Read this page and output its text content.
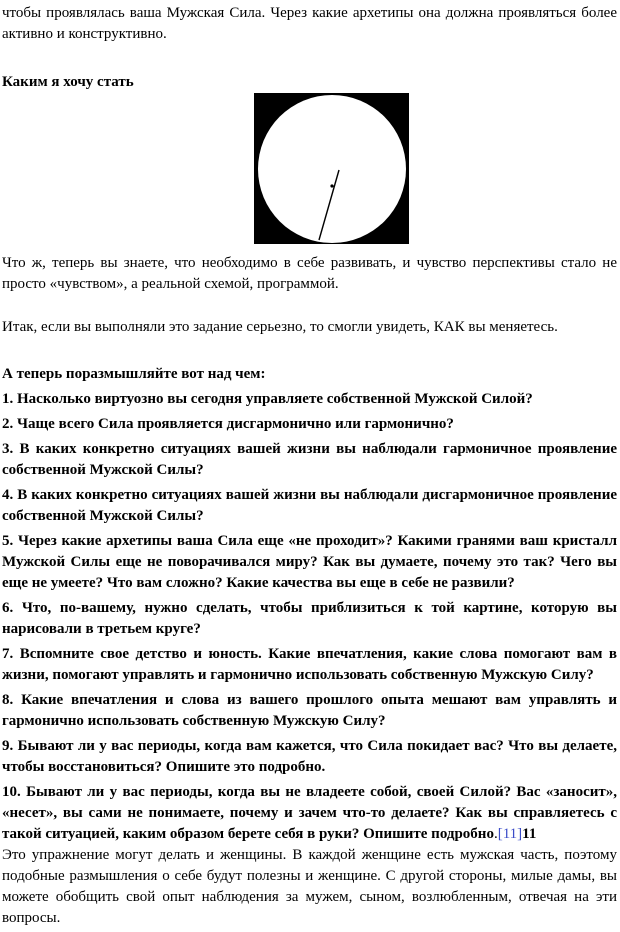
чтобы проявлялась ваша Мужская Сила. Через какие архетипы она должна проявляться более активно и конструктивно.

Каким я хочу стать

Что ж, теперь вы знаете, что необходимо в себе развивать, и чувство перспективы стало не просто «чувством», а реальной схемой, программой.

Итак, если вы выполняли это задание серьезно, то смогли увидеть, КАК вы меняетесь.

А теперь поразмышляйте вот над чем:

1. Насколько виртуозно вы сегодня управляете собственной Мужской Силой?

2. Чаще всего Сила проявляется дисгармонично или гармонично?

3. В каких конкретно ситуациях вашей жизни вы наблюдали гармоничное проявление собственной Мужской Силы?

4. В каких конкретно ситуациях вашей жизни вы наблюдали дисгармоничное проявление собственной Мужской Силы?

5. Через какие архетипы ваша Сила еще «не проходит»? Какими гранями ваш кристалл Мужской Силы еще не поворачивался миру? Как вы думаете, почему это так? Чего вы еще не умеете? Что вам сложно? Какие качества вы еще в себе не развили?

6. Что, по-вашему, нужно сделать, чтобы приблизиться к той картине, которую вы нарисовали в третьем круге?

7. Вспомните свое детство и юность. Какие впечатления, какие слова помогают вам в жизни, помогают управлять и гармонично использовать собственную Мужскую Силу?

8. Какие впечатления и слова из вашего прошлого опыта мешают вам управлять и гармонично использовать собственную Мужскую Силу?

9. Бывают ли у вас периоды, когда вам кажется, что Сила покидает вас? Что вы делаете, чтобы восстановиться? Опишите это подробно.

10. Бывают ли у вас периоды, когда вы не владеете собой, своей Силой? Вас «заносит», «несет», вы сами не понимаете, почему и зачем что-то делаете? Как вы справляетесь с такой ситуацией, каким образом берете себя в руки? Опишите подробно.[11]11

Это упражнение могут делать и женщины. В каждой женщине есть мужская часть, поэтому подобные размышления о себе будут полезны и женщине. С другой стороны, милые дамы, вы можете обобщить свой опыт наблюдения за мужем, сыном, возлюбленным, отвечая на эти вопросы.
